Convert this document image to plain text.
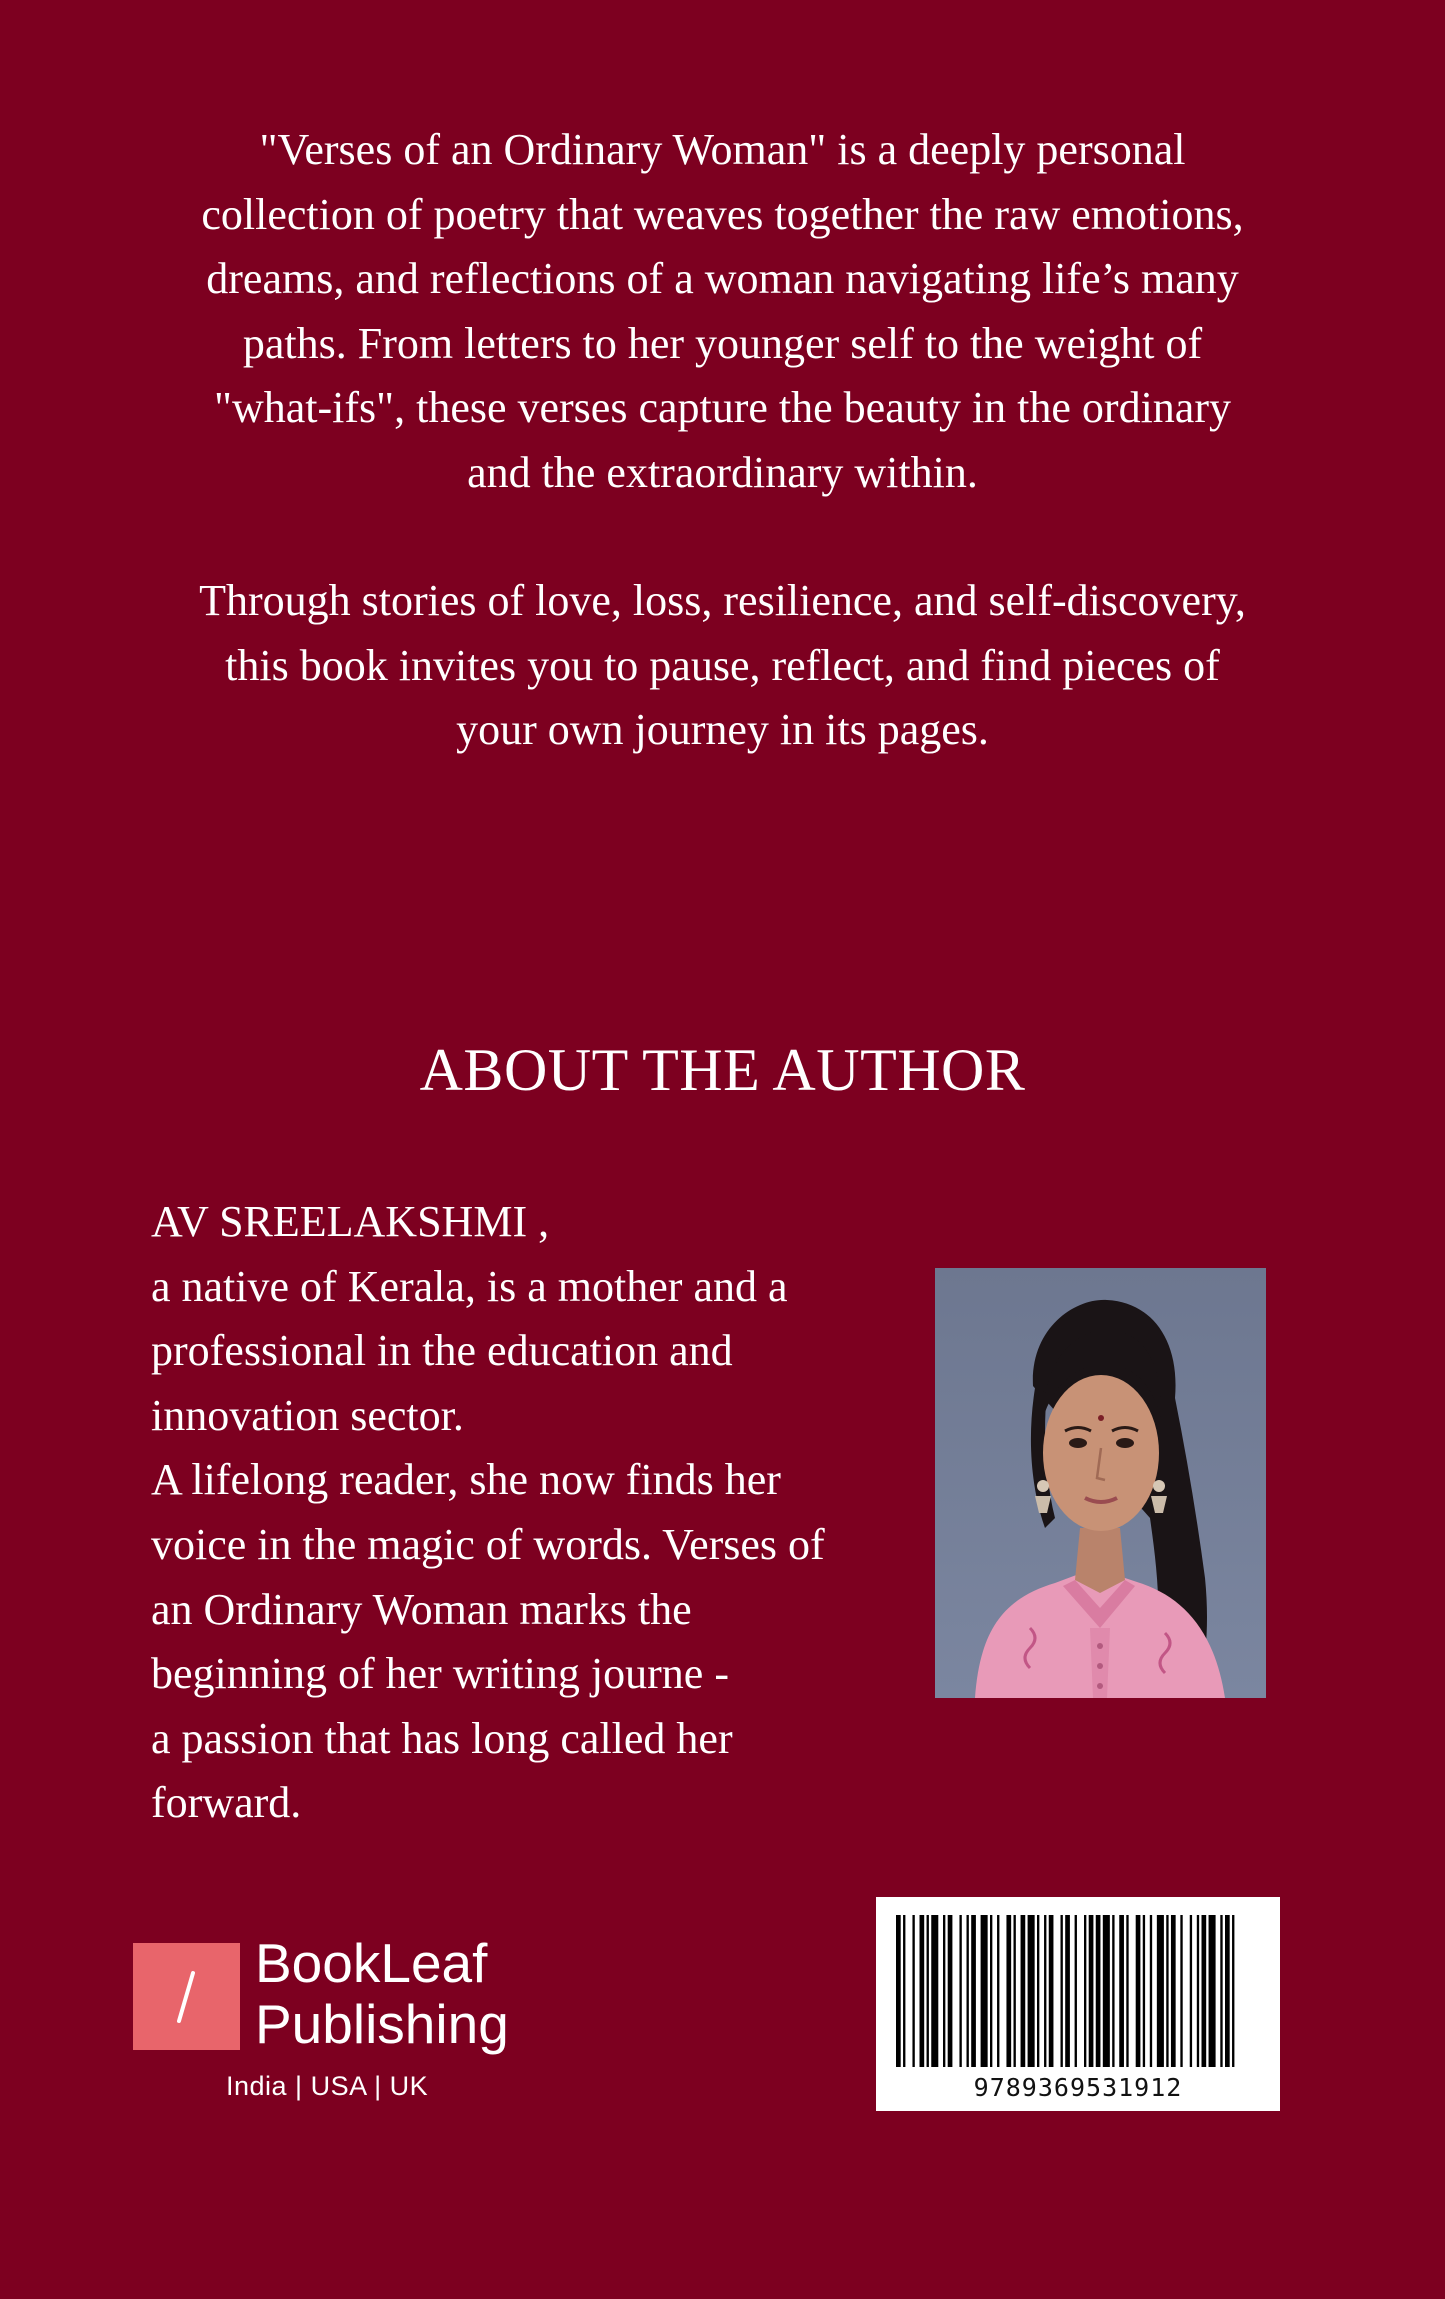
"Verses of an Ordinary Woman" is a deeply personal
collection of poetry that weaves together the raw emotions,
dreams, and reflections of a woman navigating life’s many
paths. From letters to her younger self to the weight of
"what-ifs", these verses capture the beauty in the ordinary
and the extraordinary within.

Through stories of love, loss, resilience, and self-discovery,
this book invites you to pause, reflect, and find pieces of
your own journey in its pages.

ABOUT THE AUTHOR
AV SREELAKSHMI ,
a native of Kerala, is a mother and a
professional in the education and
innovation sector.
A lifelong reader, she now finds her
voice in the magic of words. Verses of
an Ordinary Woman marks the
beginning of her writing journe -
a passion that has long called her
forward.
BookLeaf
Publishing
India | USA | UK	9789369531912
